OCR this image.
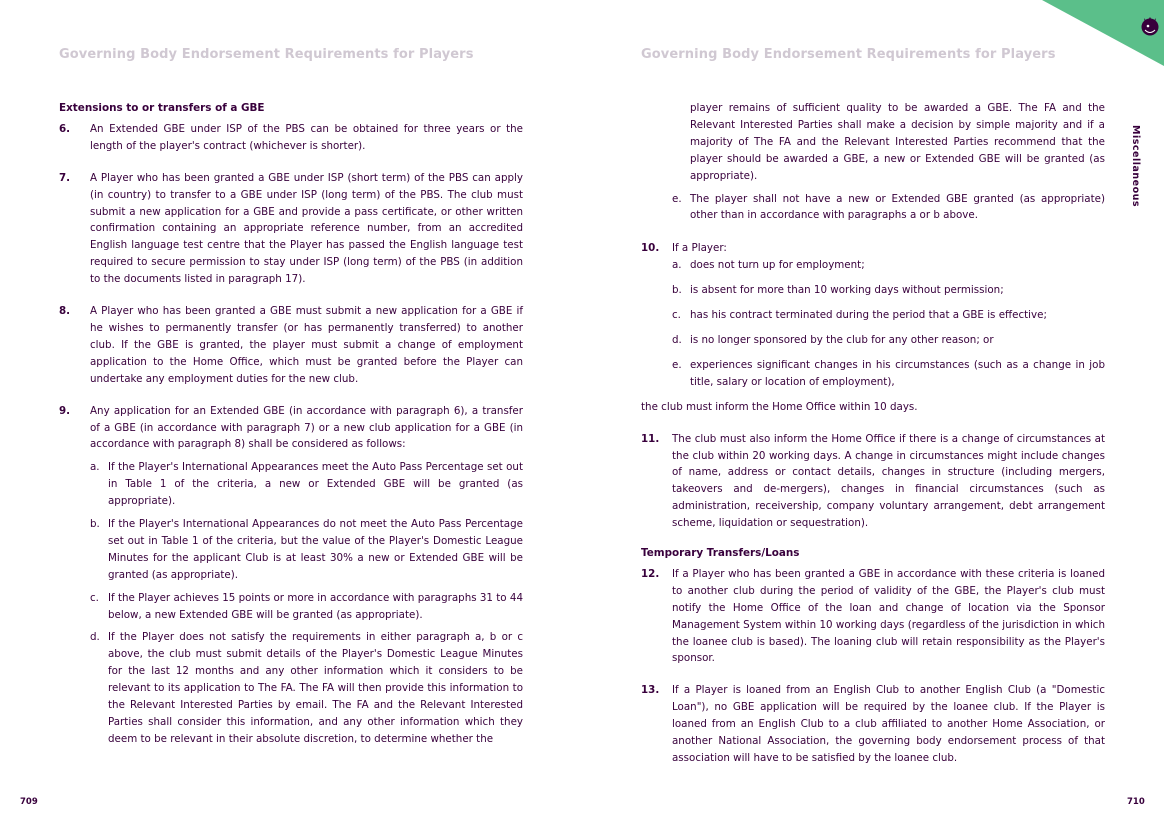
Governing Body Endorsement Requirements for Players	Governing Body Endorsement Requirements for Players
Miscellaneous
Extensions to or transfers of a GBE
6.	An Extended GBE under ISP of the PBS can be obtained for three years or the length of the player's contract (whichever is shorter).
7.	A Player who has been granted a GBE under ISP (short term) of the PBS can apply (in country) to transfer to a GBE under ISP (long term) of the PBS. The club must submit a new application for a GBE and provide a pass certificate, or other written confirmation containing an appropriate reference number, from an accredited English language test centre that the Player has passed the English language test required to secure permission to stay under ISP (long term) of the PBS (in addition to the documents listed in paragraph 17).
8.	A Player who has been granted a GBE must submit a new application for a GBE if he wishes to permanently transfer (or has permanently transferred) to another club. If the GBE is granted, the player must submit a change of employment application to the Home Office, which must be granted before the Player can undertake any employment duties for the new club.
9.	Any application for an Extended GBE (in accordance with paragraph 6), a transfer of a GBE (in accordance with paragraph 7) or a new club application for a GBE (in accordance with paragraph 8) shall be considered as follows:

a. If the Player's International Appearances meet the Auto Pass Percentage set out in Table 1 of the criteria, a new or Extended GBE will be granted (as appropriate).
b. If the Player's International Appearances do not meet the Auto Pass Percentage set out in Table 1 of the criteria, but the value of the Player's Domestic League Minutes for the applicant Club is at least 30% a new or Extended GBE will be granted (as appropriate).
c. If the Player achieves 15 points or more in accordance with paragraphs 31 to 44 below, a new Extended GBE will be granted (as appropriate).
d. If the Player does not satisfy the requirements in either paragraph a, b or c above, the club must submit details of the Player's Domestic League Minutes for the last 12 months and any other information which it considers to be relevant to its application to The FA. The FA will then provide this information to the Relevant Interested Parties by email. The FA and the Relevant Interested Parties shall consider this information, and any other information which they deem to be relevant in their absolute discretion, to determine whether the
player remains of sufficient quality to be awarded a GBE. The FA and the Relevant Interested Parties shall make a decision by simple majority and if a majority of The FA and the Relevant Interested Parties recommend that the player should be awarded a GBE, a new or Extended GBE will be granted (as appropriate).
e. The player shall not have a new or Extended GBE granted (as appropriate) other than in accordance with paragraphs a or b above.
10.	If a Player:

a. does not turn up for employment;
b. is absent for more than 10 working days without permission;
c. has his contract terminated during the period that a GBE is effective;
d. is no longer sponsored by the club for any other reason; or
e. experiences significant changes in his circumstances (such as a change in job title, salary or location of employment),

the club must inform the Home Office within 10 days.

11.	The club must also inform the Home Office if there is a change of circumstances at the club within 20 working days. A change in circumstances might include changes of name, address or contact details, changes in structure (including mergers, takeovers and de-mergers), changes in financial circumstances (such as administration, receivership, company voluntary arrangement, debt arrangement scheme, liquidation or sequestration).
Temporary Transfers/Loans
12.	If a Player who has been granted a GBE in accordance with these criteria is loaned to another club during the period of validity of the GBE, the Player's club must notify the Home Office of the loan and change of location via the Sponsor Management System within 10 working days (regardless of the jurisdiction in which the loanee club is based). The loaning club will retain responsibility as the Player's sponsor.
13.	If a Player is loaned from an English Club to another English Club (a "Domestic Loan"), no GBE application will be required by the loanee club. If the Player is loaned from an English Club to a club affiliated to another Home Association, or another National Association, the governing body endorsement process of that association will have to be satisfied by the loanee club.
709	710
